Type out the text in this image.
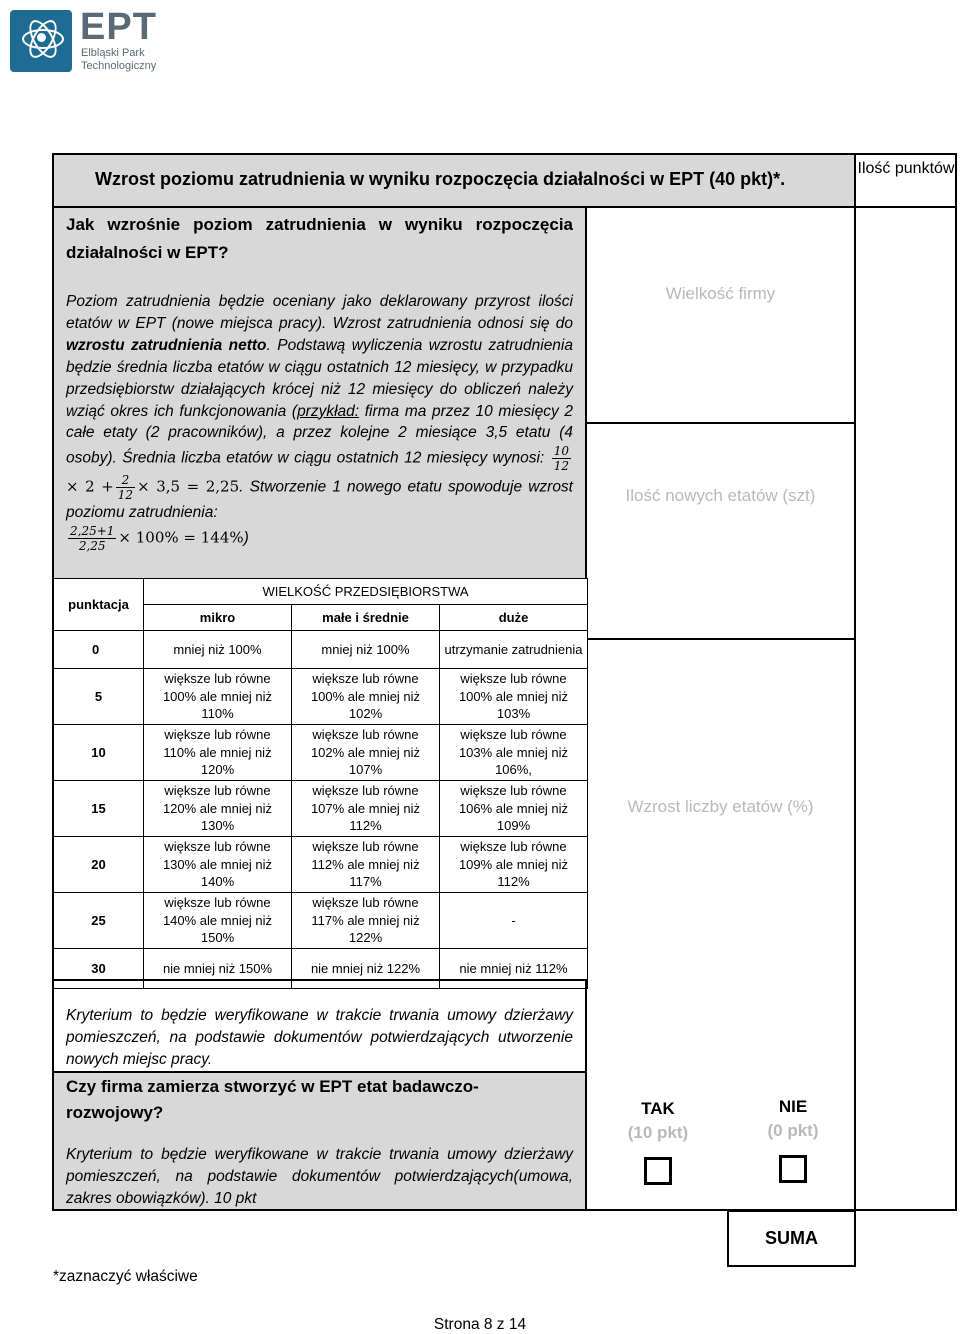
EPT
Elbląski Park
Technologiczny
Wzrost poziomu zatrudnienia w wyniku rozpoczęcia działalności w EPT (40 pkt)*.
Ilość punktów
Jak wzrośnie poziom zatrudnienia w wyniku rozpoczęcia działalności w EPT?
Poziom zatrudnienia będzie oceniany jako deklarowany przyrost ilości etatów w EPT (nowe miejsca pracy). Wzrost zatrudnienia odnosi się do wzrostu zatrudnienia netto. Podstawą wyliczenia wzrostu zatrudnienia będzie średnia liczba etatów w ciągu ostatnich 12 miesięcy, w przypadku przedsiębiorstw działających krócej niż 12 miesięcy do obliczeń należy wziąć okres ich funkcjonowania (przykład: firma ma przez 10 miesięcy 2 całe etaty (2 pracowników), a przez kolejne 2 miesiące 3,5 etatu (4 osoby). Średnia liczba etatów w ciągu ostatnich 12 miesięcy wynosi: $\frac{10}{12}$
× $2 + \frac{2}{12} \times 3,5 = 2,25$. Stworzenie 1 nowego etatu spowoduje wzrost poziomu zatrudnienia:

$\frac{2,25+1}{2,25} \times 100\% = 144\%$)
Wielkość firmy
Ilość nowych etatów (szt)
Wzrost liczby etatów (%)
punktacja	WIELKOŚĆ PRZEDSIĘBIORSTWA		
	mikro	małe i średnie	duże
0	mniej niż 100%	mniej niż 100%	utrzymanie zatrudnienia
5	większe lub równe 100% ale mniej niż 110%	większe lub równe 100% ale mniej niż 102%	większe lub równe 100% ale mniej niż 103%
10	większe lub równe 110% ale mniej niż 120%	większe lub równe 102% ale mniej niż 107%	większe lub równe 103% ale mniej niż 106%,
15	większe lub równe 120% ale mniej niż 130%	większe lub równe 107% ale mniej niż 112%	większe lub równe 106% ale mniej niż 109%
20	większe lub równe 130% ale mniej niż 140%	większe lub równe 112% ale mniej niż 117%	większe lub równe 109% ale mniej niż 112%
25	większe lub równe 140% ale mniej niż 150%	większe lub równe 117% ale mniej niż 122%	-
30	nie mniej niż 150%	nie mniej niż 122%	nie mniej niż 112%
Kryterium to będzie weryfikowane w trakcie trwania umowy dzierżawy pomieszczeń, na podstawie dokumentów potwierdzających utworzenie nowych miejsc pracy.
Czy firma zamierza stworzyć w EPT etat badawczo-rozwojowy?
Kryterium to będzie weryfikowane w trakcie trwania umowy dzierżawy pomieszczeń, na podstawie dokumentów potwierdzających(umowa, zakres obowiązków). 10 pkt
TAK
(10 pkt)
NIE
(0 pkt)
SUMA
*zaznaczyć właściwe
Strona 8 z 14
